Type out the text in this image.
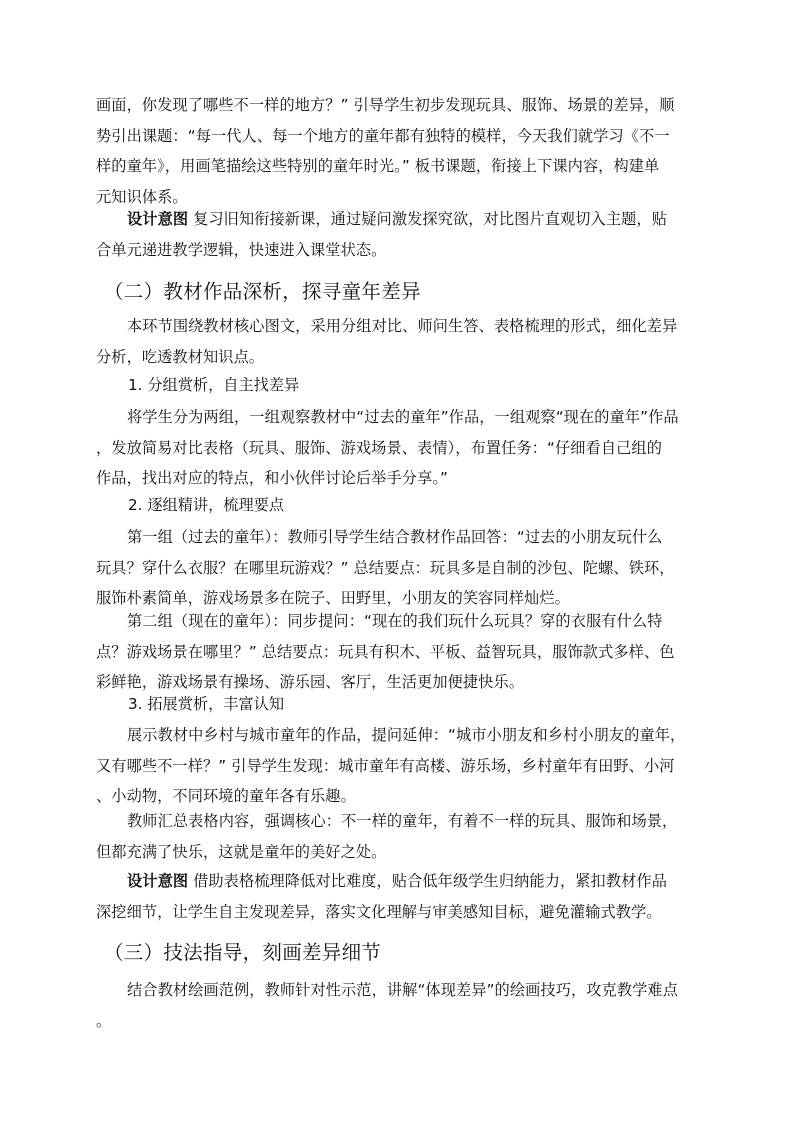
画面，你发现了哪些不一样的地方？” 引导学生初步发现玩具、服饰、场景的差异，顺
势引出课题：“每一代人、每一个地方的童年都有独特的模样，今天我们就学习《不一
样的童年》，用画笔描绘这些特别的童年时光。” 板书课题，衔接上下课内容，构建单
元知识体系。
设计意图 复习旧知衔接新课，通过疑问激发探究欲，对比图片直观切入主题，贴
合单元递进教学逻辑，快速进入课堂状态。
（二）教材作品深析，探寻童年差异
本环节围绕教材核心图文，采用分组对比、师问生答、表格梳理的形式，细化差异
分析，吃透教材知识点。
1. 分组赏析，自主找差异
将学生分为两组，一组观察教材中“过去的童年”作品，一组观察“现在的童年”作品
，发放简易对比表格（玩具、服饰、游戏场景、表情），布置任务：“仔细看自己组的
作品，找出对应的特点，和小伙伴讨论后举手分享。”
2. 逐组精讲，梳理要点
第一组（过去的童年）：教师引导学生结合教材作品回答：“过去的小朋友玩什么
玩具？穿什么衣服？在哪里玩游戏？” 总结要点：玩具多是自制的沙包、陀螺、铁环，
服饰朴素简单，游戏场景多在院子、田野里，小朋友的笑容同样灿烂。
第二组（现在的童年）：同步提问：“现在的我们玩什么玩具？穿的衣服有什么特
点？游戏场景在哪里？” 总结要点：玩具有积木、平板、益智玩具，服饰款式多样、色
彩鲜艳，游戏场景有操场、游乐园、客厅，生活更加便捷快乐。
3. 拓展赏析，丰富认知
展示教材中乡村与城市童年的作品，提问延伸：“城市小朋友和乡村小朋友的童年，
又有哪些不一样？” 引导学生发现：城市童年有高楼、游乐场，乡村童年有田野、小河
、小动物，不同环境的童年各有乐趣。
教师汇总表格内容，强调核心：不一样的童年，有着不一样的玩具、服饰和场景，
但都充满了快乐，这就是童年的美好之处。
设计意图 借助表格梳理降低对比难度，贴合低年级学生归纳能力，紧扣教材作品
深挖细节，让学生自主发现差异，落实文化理解与审美感知目标，避免灌输式教学。
（三）技法指导，刻画差异细节
结合教材绘画范例，教师针对性示范，讲解“体现差异”的绘画技巧，攻克教学难点
。
